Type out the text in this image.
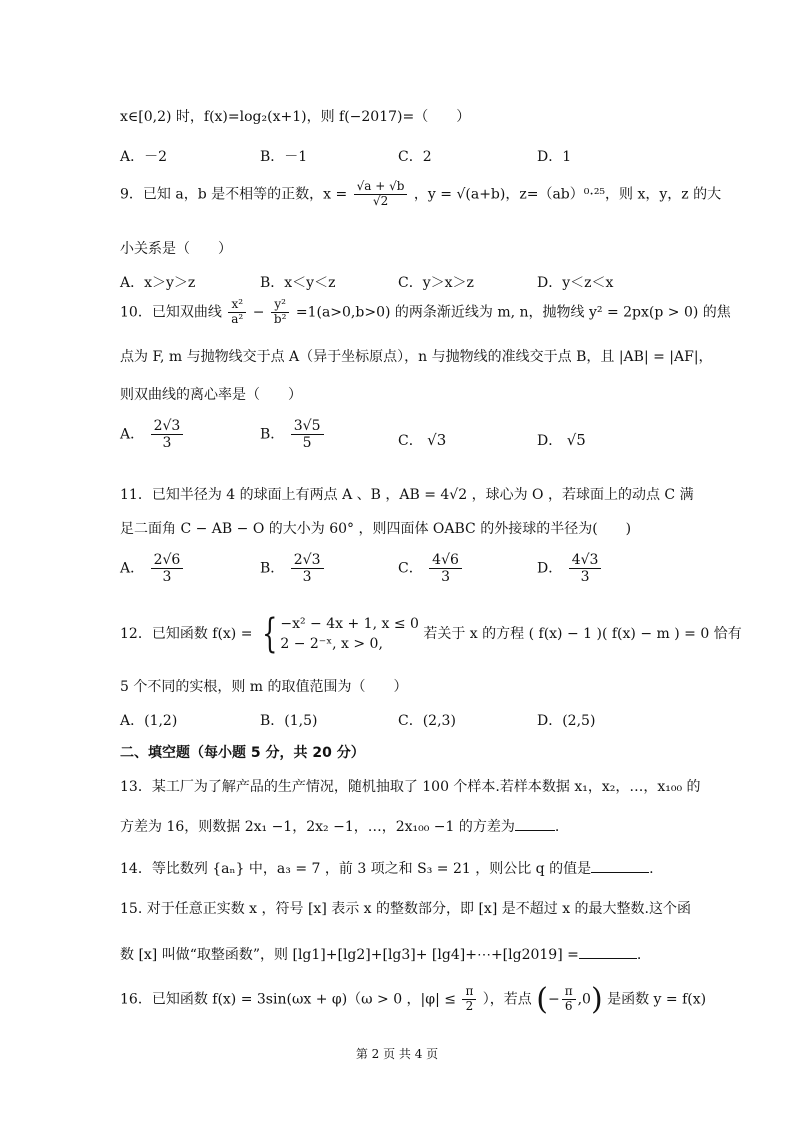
x∈[0,2) 时，f(x)=log₂(x+1)，则 f(−2017)=（　　）
A．－2	B．－1	C．2	D．1
9．已知 a，b 是不相等的正数，$x = \frac{√a + √b}{√2}$ ，y = √(a+b)，z=（ab）⁰·²⁵，则 x，y，z 的大
小关系是（　　）
A．x＞y＞z	B．x＜y＜z	C．y＞x＞z	D．y＜z＜x
10．已知双曲线 $\frac{\text{x²}}{\text{a²}} - \frac{\text{y²}}{\text{b²}} =1(a>0,b>0)$ 的两条渐近线为 m, n，抛物线 y² = 2px(p > 0) 的焦
点为 F, m 与抛物线交于点 A（异于坐标原点），n 与抛物线的准线交于点 B，且 |AB| = |AF|，
则双曲线的离心率是（　　）
A． $\frac{2√3}{3}$	B． $\frac{3√5}{5}$	C． √3	D． √5
11．已知半径为 4 的球面上有两点 A 、B ，AB = 4√2 ，球心为 O ，若球面上的动点 C 满
足二面角 C − AB − O 的大小为 60° ，则四面体 OABC 的外接球的半径为(　　)
A． $\frac{2√6}{3}$	B． $\frac{2√3}{3}$	C． $\frac{4√6}{3}$	D． $\frac{4√3}{3}$
12．已知函数 f(x) = { −x² − 4x + 1, x ≤ 0
2 − 2⁻ˣ, x > 0,
若关于 x 的方程 ( f(x) − 1 )( f(x) − m ) = 0 恰有
5 个不同的实根，则 m 的取值范围为（　　）
A．(1,2)	B．(1,5)	C．(2,3)	D．(2,5)
二、填空题（每小题 5 分，共 20 分）
13．某工厂为了解产品的生产情况，随机抽取了 100 个样本.若样本数据 x₁，x₂，…，x₁₀₀ 的
方差为 16，则数据 2x₁ −1，2x₂ −1，…，2x₁₀₀ −1 的方差为	.
14．等比数列 {aₙ} 中，a₃ = 7 ，前 3 项之和 S₃ = 21 ，则公比 q 的值是	.
15. 对于任意正实数 x ，符号 [x] 表示 x 的整数部分，即 [x] 是不超过 x 的最大整数.这个函
数 [x] 叫做“取整函数”，则 [lg1]+[lg2]+[lg3]+ [lg4]+⋯+[lg2019] =	.
16．已知函数 f(x) = 3sin(ωx + φ)（ω > 0 ，$|\varphi| \le \frac{\pi}{2}$ ），若点 (− $\frac{\pi}{6} ,0$) 是函数 y = f(x)
第 2 页 共 4 页
